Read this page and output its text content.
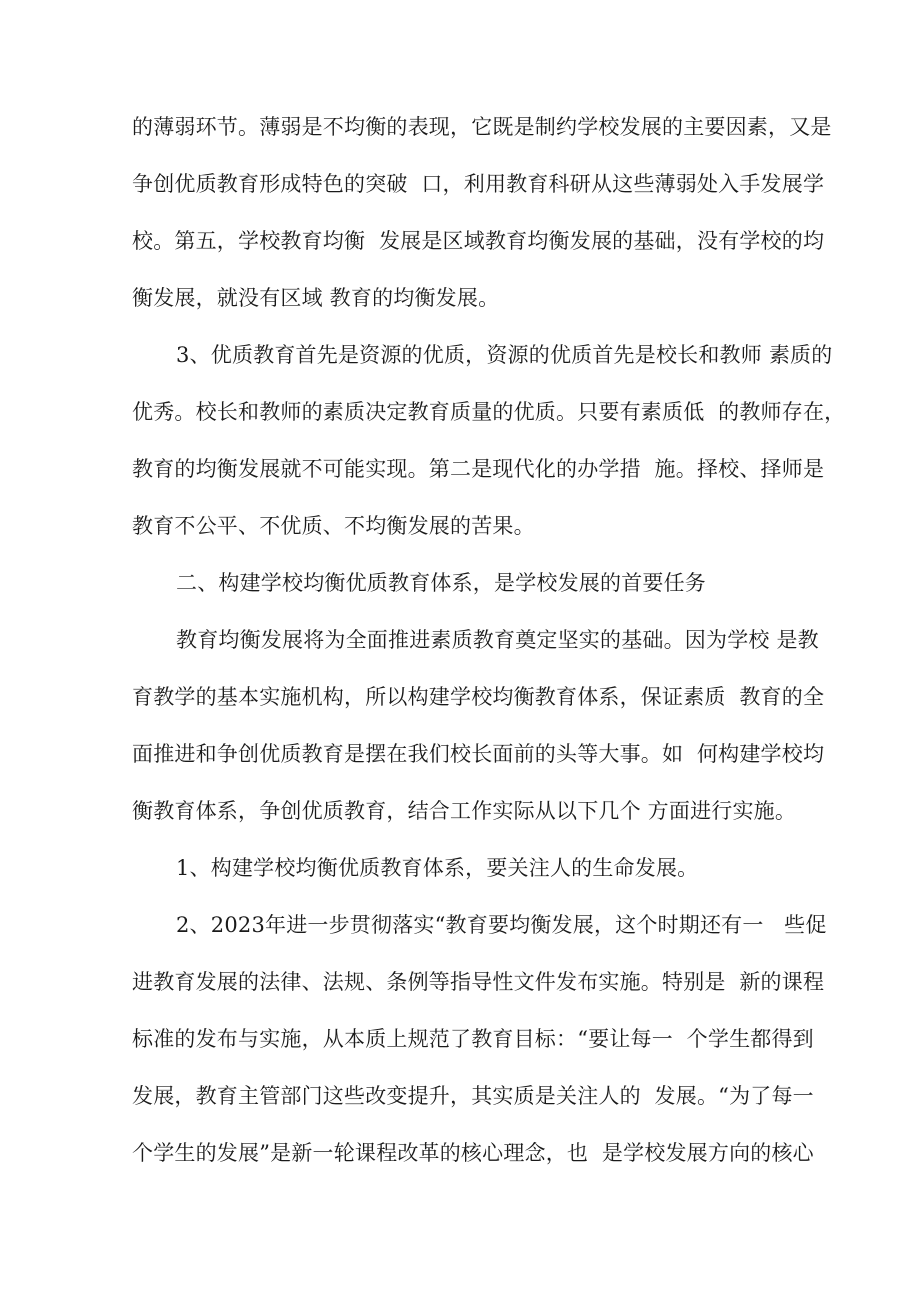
的薄弱环节。薄弱是不均衡的表现，它既是制约学校发展的主要因素，又是
争创优质教育形成特色的突破  口，利用教育科研从这些薄弱处入手发展学
校。第五，学校教育均衡  发展是区域教育均衡发展的基础，没有学校的均
衡发展，就没有区域 教育的均衡发展。
3、优质教育首先是资源的优质，资源的优质首先是校长和教师 素质的
优秀。校长和教师的素质决定教育质量的优质。只要有素质低  的教师存在，
教育的均衡发展就不可能实现。第二是现代化的办学措  施。择校、择师是
教育不公平、不优质、不均衡发展的苦果。
二、构建学校均衡优质教育体系，是学校发展的首要任务
教育均衡发展将为全面推进素质教育奠定坚实的基础。因为学校 是教
育教学的基本实施机构，所以构建学校均衡教育体系，保证素质  教育的全
面推进和争创优质教育是摆在我们校长面前的头等大事。如  何构建学校均
衡教育体系，争创优质教育，结合工作实际从以下几个 方面进行实施。
1、构建学校均衡优质教育体系，要关注人的生命发展。
2、2023年进一步贯彻落实“教育要均衡发展，这个时期还有一   些促
进教育发展的法律、法规、条例等指导性文件发布实施。特别是  新的课程
标准的发布与实施，从本质上规范了教育目标：“要让每一  个学生都得到
发展，教育主管部门这些改变提升，其实质是关注人的  发展。“为了每一
个学生的发展”是新一轮课程改革的核心理念，也  是学校发展方向的核心
